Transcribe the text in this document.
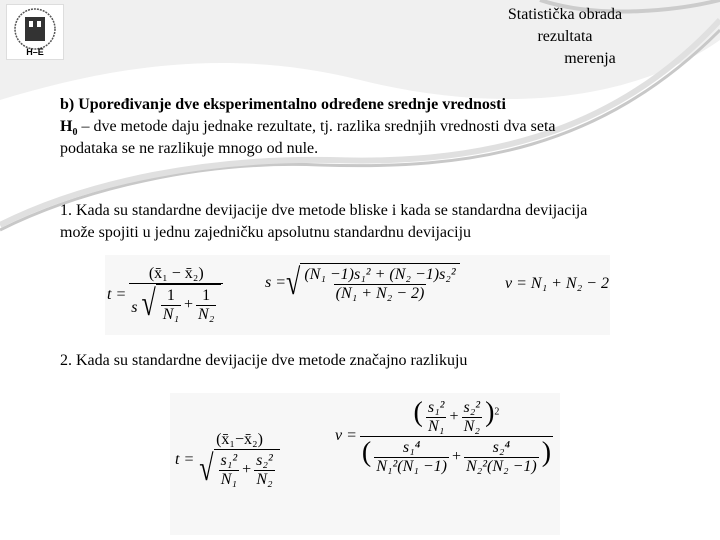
H–E
Statistička obrada rezultata
merenja
b) Upoređivanje dve eksperimentalno određene srednje vrednosti
$H_0$ – dve metode daju jednake rezultate, tj. razlika srednjih vrednosti dva seta
podataka se ne razlikuje mnogo od nule.
1. Kada su standardne devijacije dve metode bliske i kada se standardna devijacija
može spojiti u jednu zajedničku apsolutnu standardnu devijaciju
$t = \frac{\text{(x̄₁ − x̄₂)}}{s √ \frac{1}{\text{N₁}} + \frac{1}{\text{N₂}}}$	s = √ $\frac{\text{(N₁ −1)s₁² + (N₂ −1)s₂²}}{\text{(N₁ + N₂ − 2)}}$	ν = N₁ + N₂ − 2
2. Kada su standardne devijacije dve metode značajno razlikuju
t =
(x̄₁−x̄₂)
√ $\frac{\text{s₁²}}{\text{N₁}} + \frac{\text{s₂²}}{\text{N₂}}$
$\nu = \frac{( \frac{\text{s₁²}}{\text{N₁}} + \frac{\text{s₂²}}{\text{N₂}} )^2}{( \frac{\text{s₁⁴}}{\text{N₁²(N₁ −1)}} + \frac{\text{s₂⁴}}{\text{N₂²(N₂ −1)}} )}$
